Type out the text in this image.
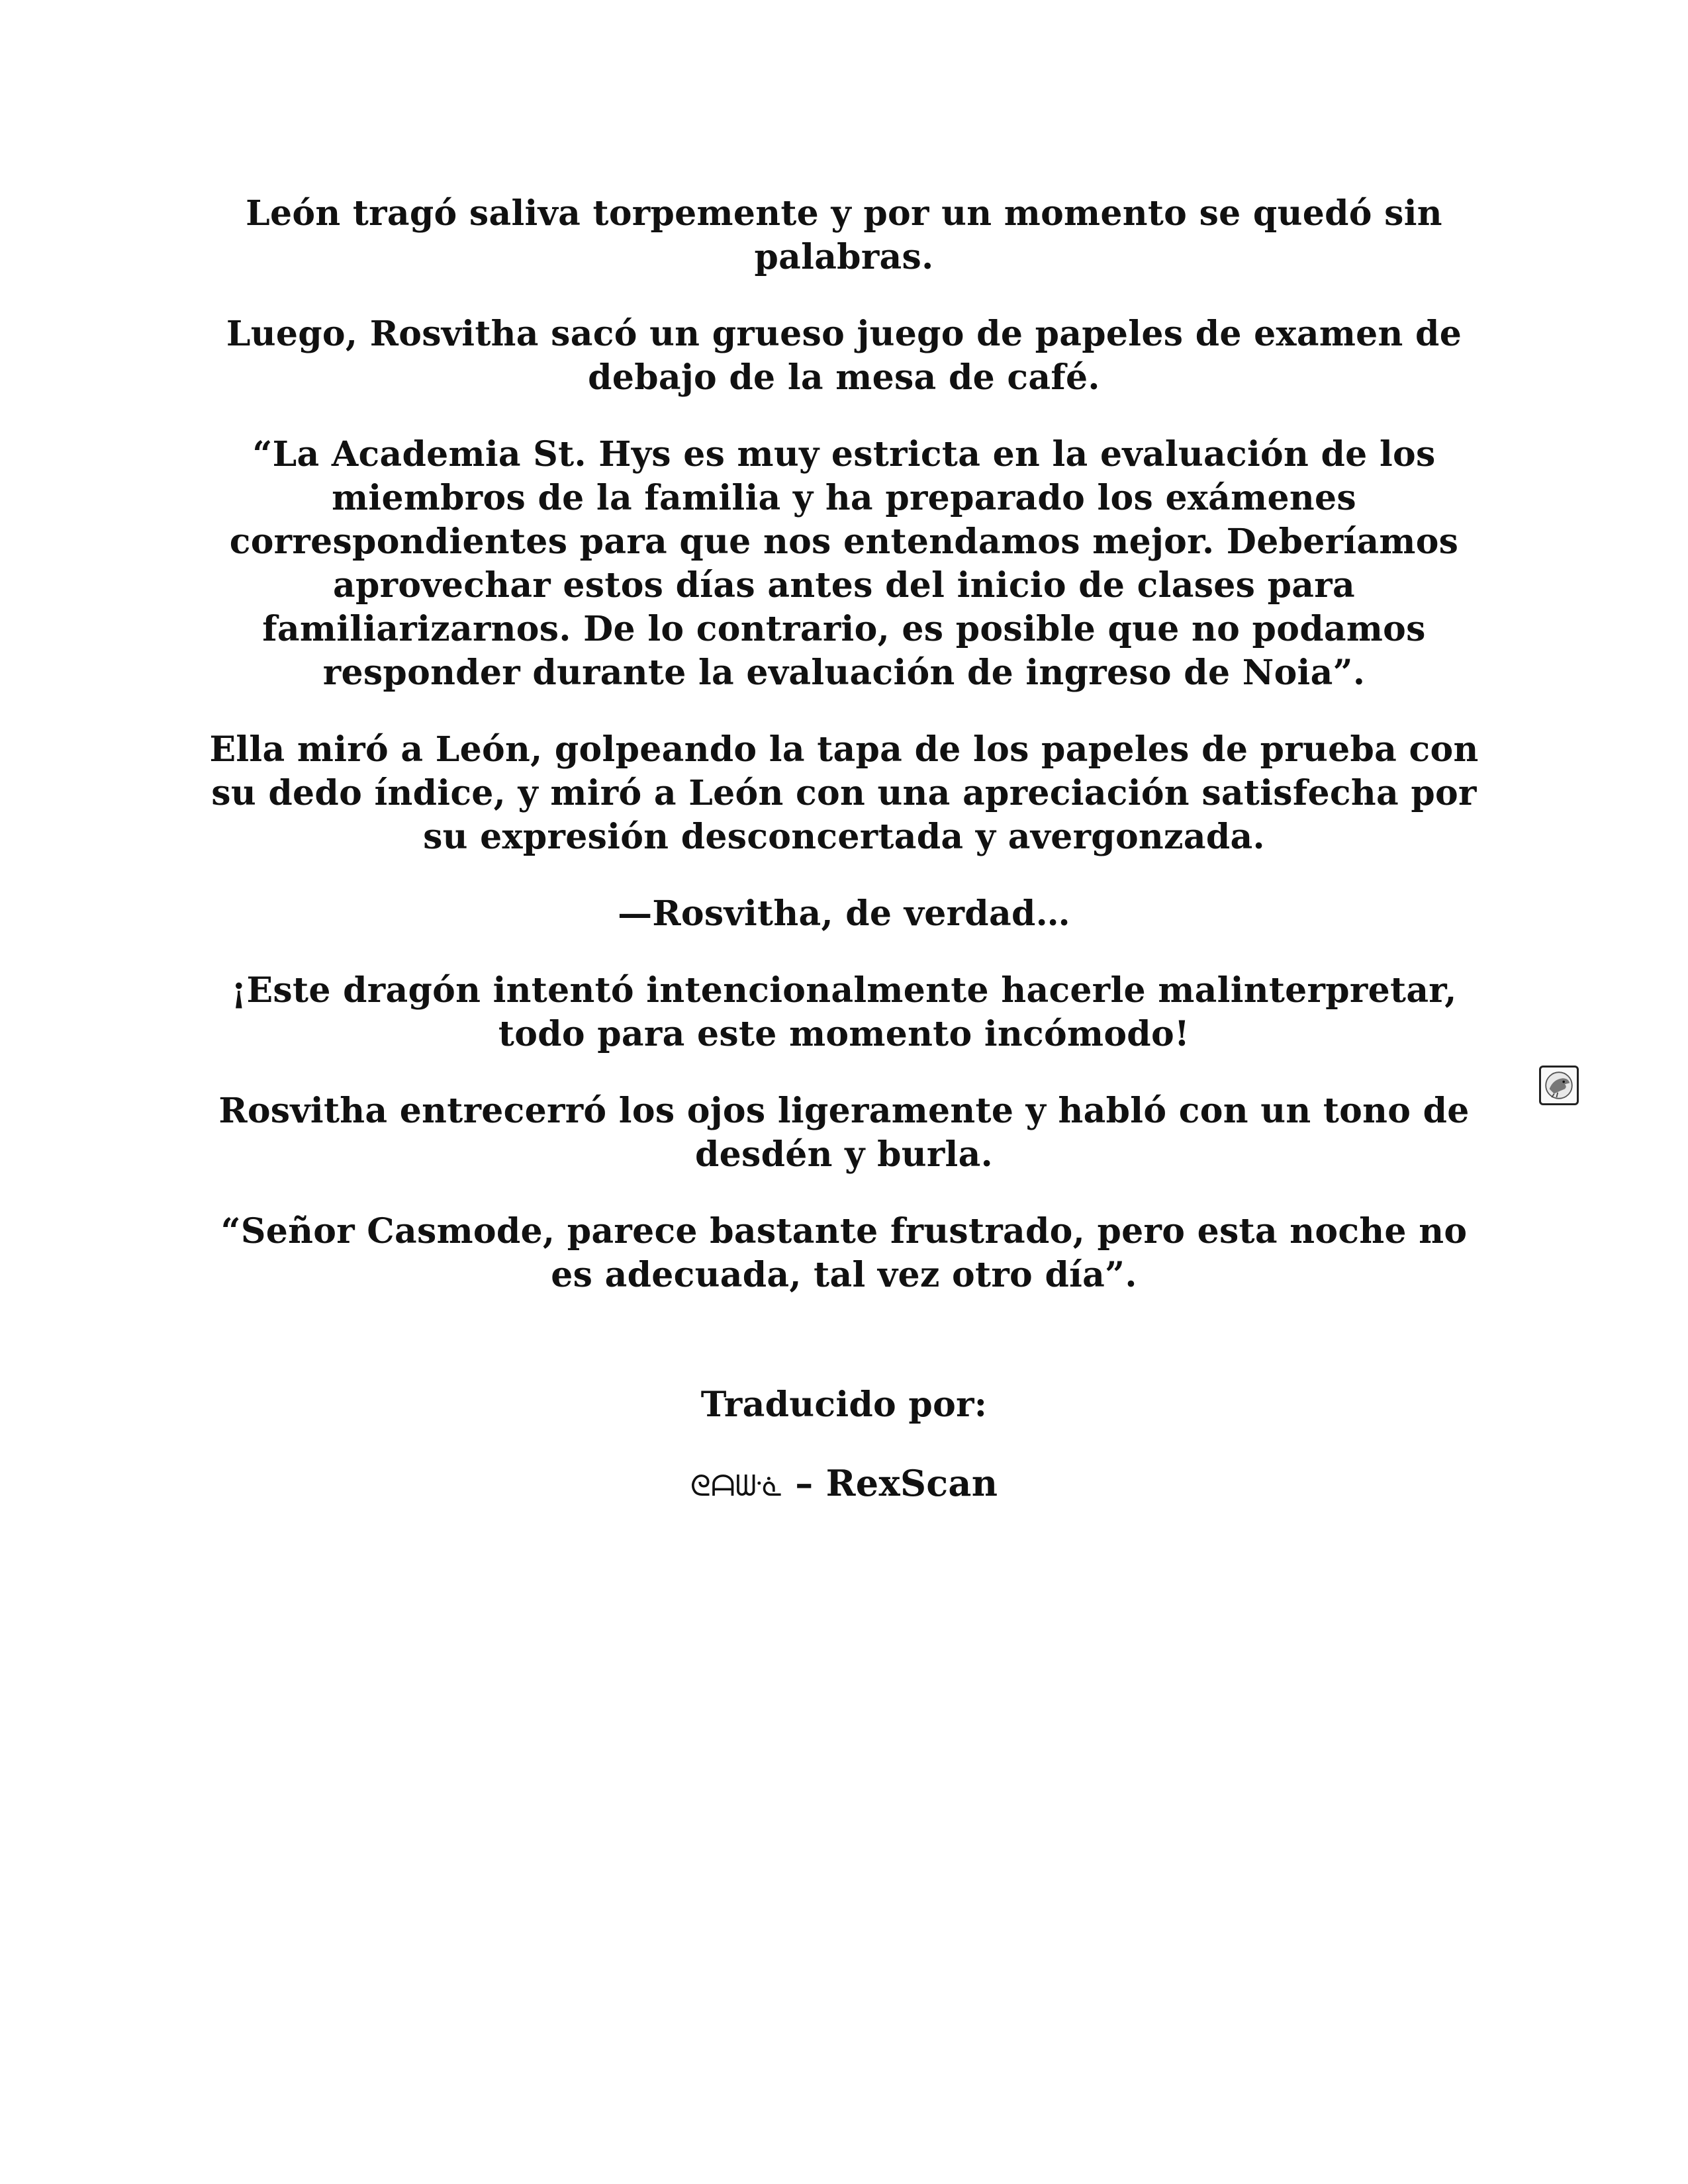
León tragó saliva torpemente y por un momento se quedó sin palabras.

Luego, Rosvitha sacó un grueso juego de papeles de examen de debajo de la mesa de café.

“La Academia St. Hys es muy estricta en la evaluación de los miembros de la familia y ha preparado los exámenes correspondientes para que nos entendamos mejor. Deberíamos aprovechar estos días antes del inicio de clases para familiarizarnos. De lo contrario, es posible que no podamos responder durante la evaluación de ingreso de Noia”.

Ella miró a León, golpeando la tapa de los papeles de prueba con su dedo índice, y miró a León con una apreciación satisfecha por su expresión desconcertada y avergonzada.

—Rosvitha, de verdad…

¡Este dragón intentó intencionalmente hacerle malinterpretar, todo para este momento incómodo!

Rosvitha entrecerró los ojos ligeramente y habló con un tono de desdén y burla.

“Señor Casmode, parece bastante frustrado, pero esta noche no es adecuada, tal vez otro día”.

Traducido por:

ᘓᗩᗯᓍ – RexScan
